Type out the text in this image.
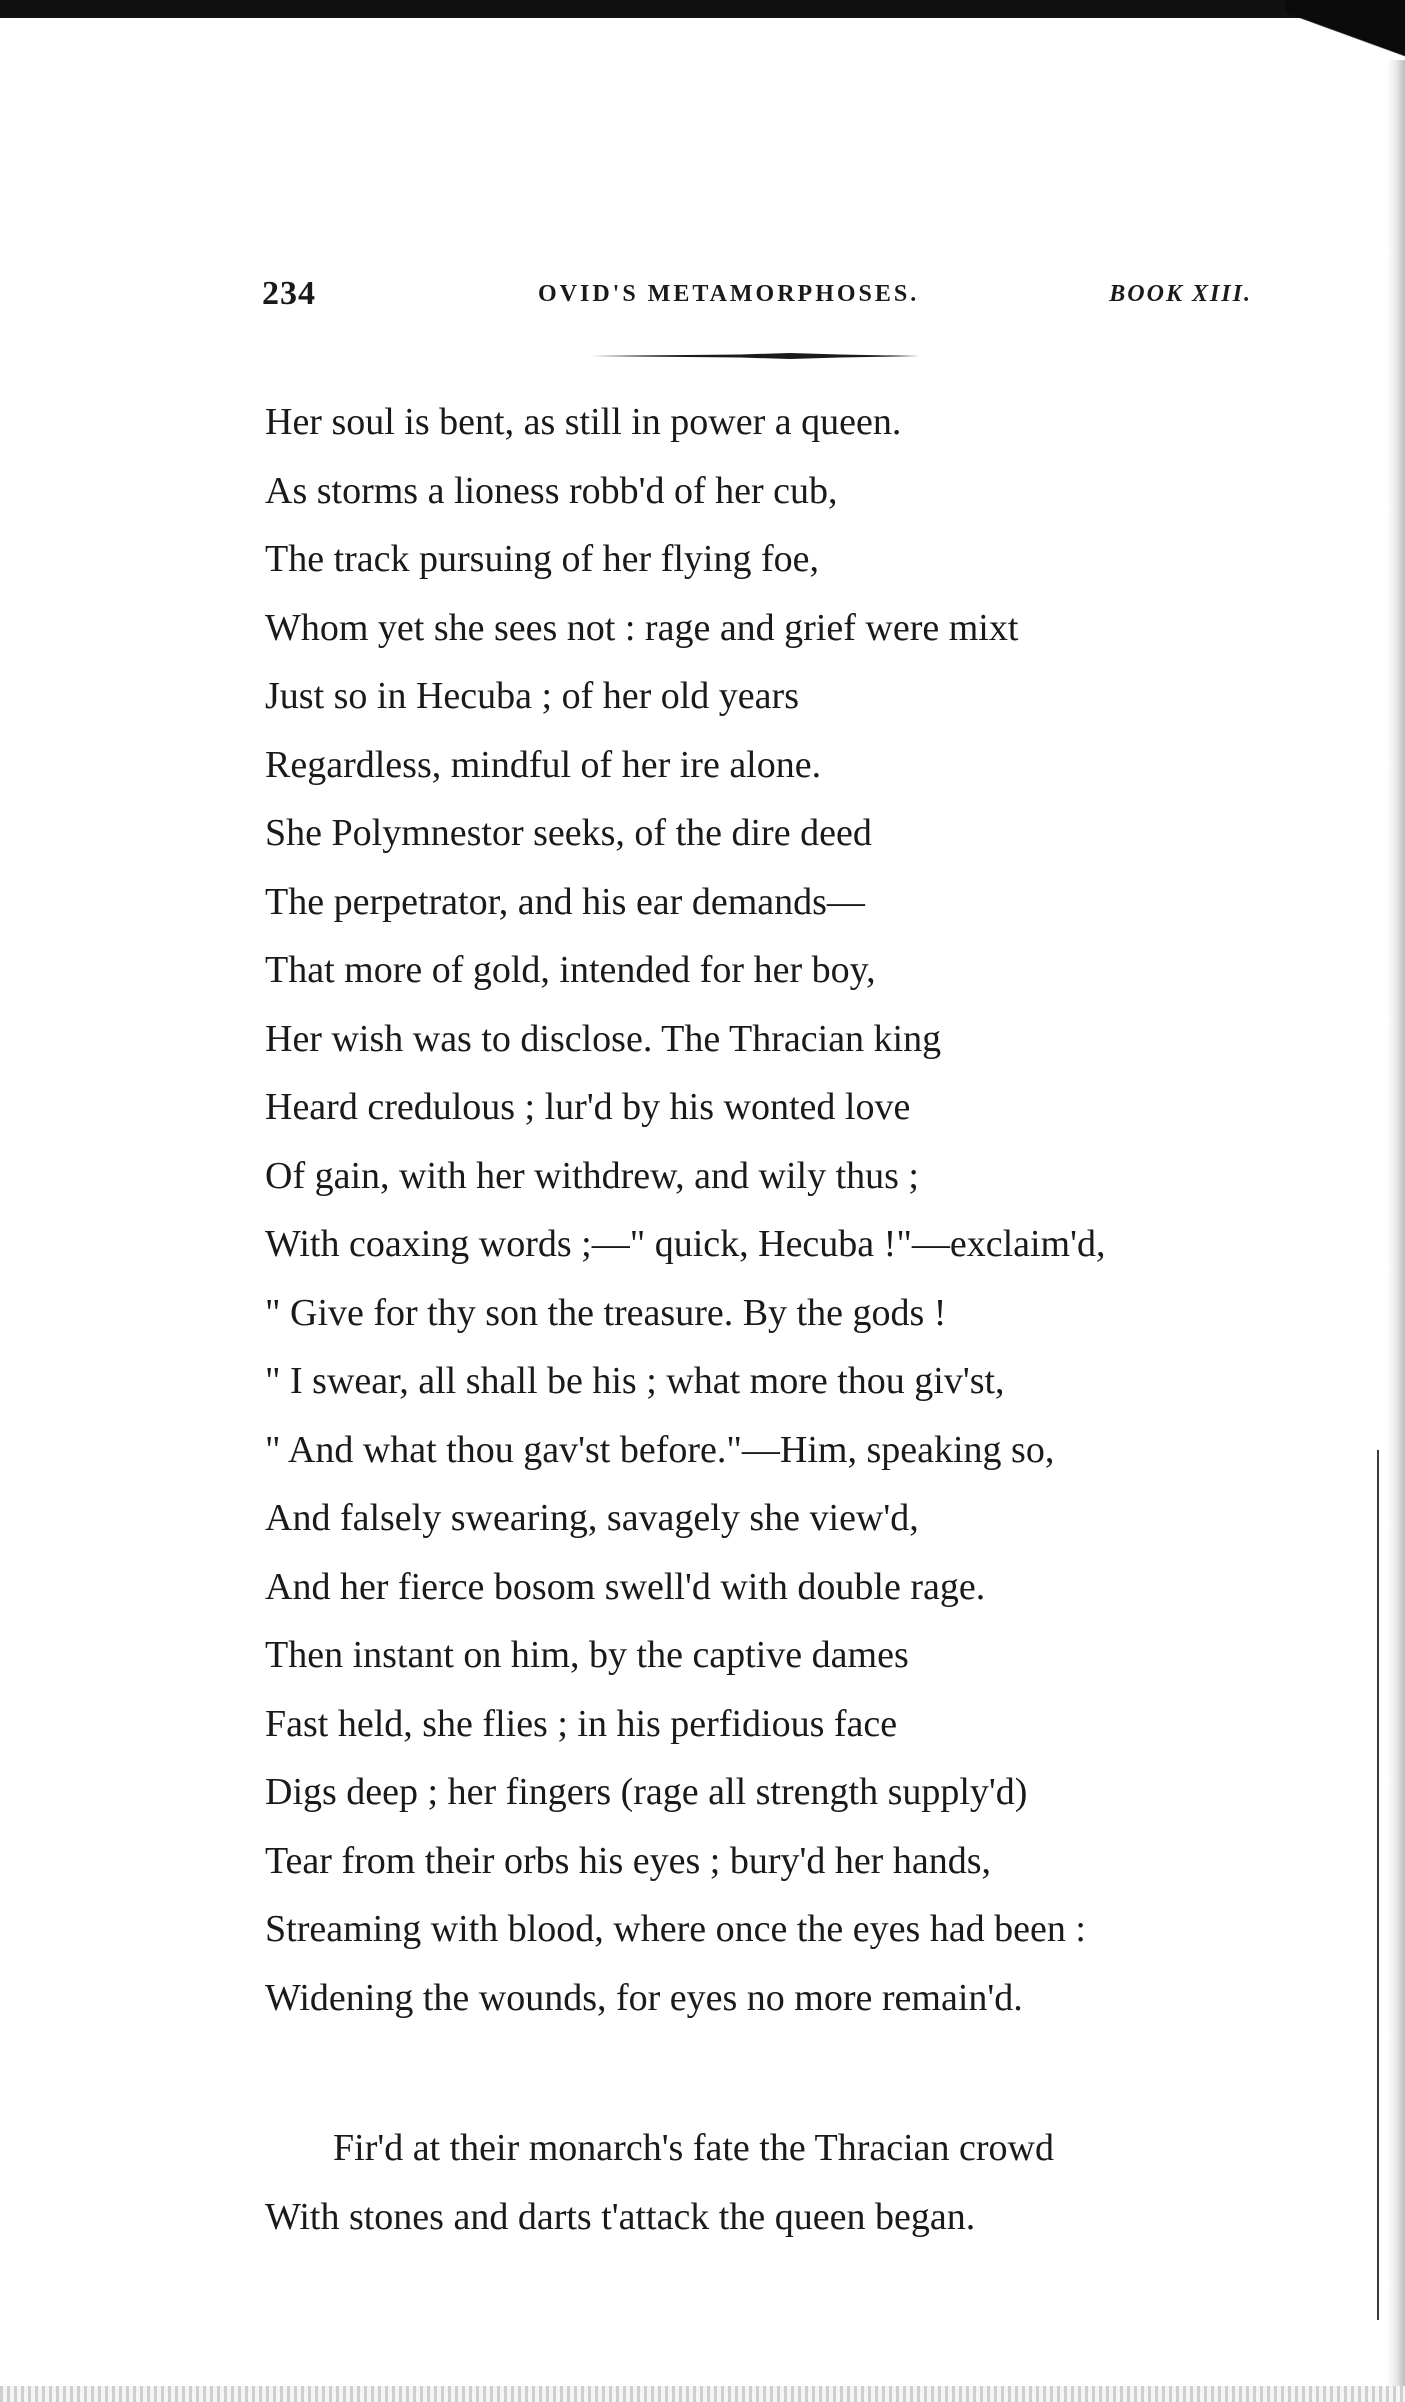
234	OVID'S METAMORPHOSES.	BOOK XIII.
Her soul is bent, as still in power a queen.
As storms a lioness robb'd of her cub,
The track pursuing of her flying foe,
Whom yet she sees not : rage and grief were mixt
Just so in Hecuba ; of her old years
Regardless, mindful of her ire alone.
She Polymnestor seeks, of the dire deed
The perpetrator, and his ear demands—
That more of gold, intended for her boy,
Her wish was to disclose. The Thracian king
Heard credulous ; lur'd by his wonted love
Of gain, with her withdrew, and wily thus ;
With coaxing words ;—" quick, Hecuba !"—exclaim'd,
" Give for thy son the treasure. By the gods !
" I swear, all shall be his ; what more thou giv'st,
" And what thou gav'st before."—Him, speaking so,
And falsely swearing, savagely she view'd,
And her fierce bosom swell'd with double rage.
Then instant on him, by the captive dames
Fast held, she flies ; in his perfidious face
Digs deep ; her fingers (rage all strength supply'd)
Tear from their orbs his eyes ; bury'd her hands,
Streaming with blood, where once the eyes had been :
Widening the wounds, for eyes no more remain'd.
Fir'd at their monarch's fate the Thracian crowd
With stones and darts t'attack the queen began.
